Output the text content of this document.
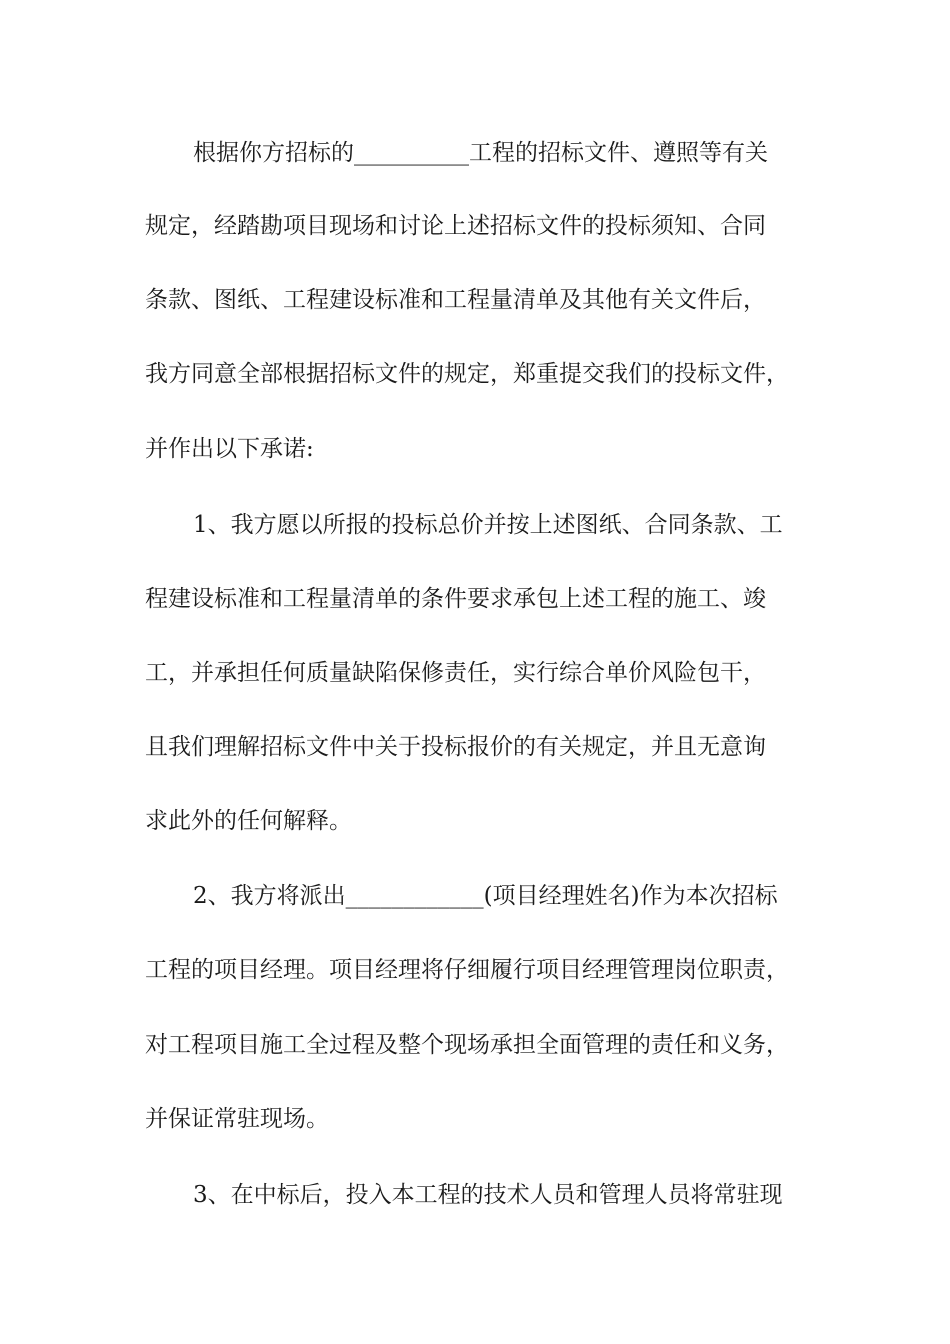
根据你方招标的__________工程的招标文件、遵照等有关
规定，经踏勘项目现场和讨论上述招标文件的投标须知、合同
条款、图纸、工程建设标准和工程量清单及其他有关文件后，
我方同意全部根据招标文件的规定，郑重提交我们的投标文件，
并作出以下承诺:
1、我方愿以所报的投标总价并按上述图纸、合同条款、工
程建设标准和工程量清单的条件要求承包上述工程的施工、竣
工，并承担任何质量缺陷保修责任，实行综合单价风险包干，
且我们理解招标文件中关于投标报价的有关规定，并且无意询
求此外的任何解释。
2、我方将派出____________(项目经理姓名)作为本次招标
工程的项目经理。项目经理将仔细履行项目经理管理岗位职责，
对工程项目施工全过程及整个现场承担全面管理的责任和义务，
并保证常驻现场。
3、在中标后，投入本工程的技术人员和管理人员将常驻现
